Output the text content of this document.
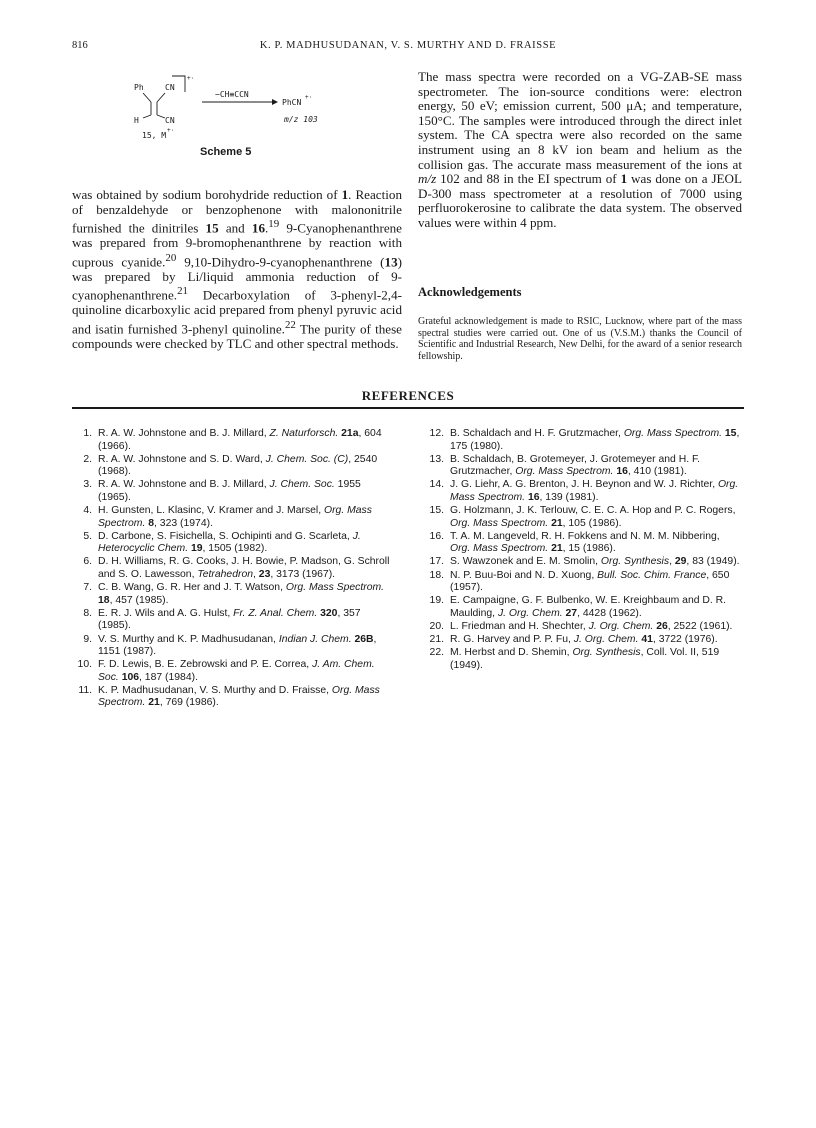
816	K. P. MADHUSUDANAN, V. S. MURTHY AND D. FRAISSE
Ph	CN
H	CN
15, M
+·
+·
−CH≡CCN
PhCN
+·
m/z 103
Scheme 5

was obtained by sodium borohydride reduction of 1. Reaction of benzaldehyde or benzophenone with malononitrile furnished the dinitriles 15 and 16.19 9-Cyanophenanthrene was prepared from 9-bromophenanthrene by reaction with cuprous cyanide.$^{20}$ 9,10-Dihydro-9-cyanophenanthrene (13) was prepared by Li/liquid ammonia reduction of 9-cyanophenanthrene.$^{21}$ Decarboxylation of 3-phenyl-2,4-quinoline dicarboxylic acid prepared from phenyl pyruvic acid and isatin furnished 3-phenyl quinoline.$^{22}$ The purity of these compounds were checked by TLC and other spectral methods.

The mass spectra were recorded on a VG-ZAB-SE mass spectrometer. The ion-source conditions were: electron energy, 50 eV; emission current, 500 μA; and temperature, 150°C. The samples were introduced through the direct inlet system. The CA spectra were also recorded on the same instrument using an 8 kV ion beam and helium as the collision gas. The accurate mass measurement of the ions at m/z 102 and 88 in the EI spectrum of 1 was done on a JEOL D-300 mass spectrometer at a resolution of 7000 using perfluorokerosine to calibrate the data system. The observed values were within 4 ppm.

Acknowledgements
Grateful acknowledgement is made to RSIC, Lucknow, where part of the mass spectral studies were carried out. One of us (V.S.M.) thanks the Council of Scientific and Industrial Research, New Delhi, for the award of a senior research fellowship.
REFERENCES
1. R. A. W. Johnstone and B. J. Millard, Z. Naturforsch. 21a, 604 (1966).
2. R. A. W. Johnstone and S. D. Ward, J. Chem. Soc. (C), 2540 (1968).
3. R. A. W. Johnstone and B. J. Millard, J. Chem. Soc. 1955 (1965).
4. H. Gunsten, L. Klasinc, V. Kramer and J. Marsel, Org. Mass Spectrom. 8, 323 (1974).
5. D. Carbone, S. Fisichella, S. Ochipinti and G. Scarleta, J. Heterocyclic Chem. 19, 1505 (1982).
6. D. H. Williams, R. G. Cooks, J. H. Bowie, P. Madson, G. Schroll and S. O. Lawesson, Tetrahedron, 23, 3173 (1967).
7. C. B. Wang, G. R. Her and J. T. Watson, Org. Mass Spectrom. 18, 457 (1985).
8. E. R. J. Wils and A. G. Hulst, Fr. Z. Anal. Chem. 320, 357 (1985).
9. V. S. Murthy and K. P. Madhusudanan, Indian J. Chem. 26B, 1151 (1987).
10. F. D. Lewis, B. E. Zebrowski and P. E. Correa, J. Am. Chem. Soc. 106, 187 (1984).
11. K. P. Madhusudanan, V. S. Murthy and D. Fraisse, Org. Mass Spectrom. 21, 769 (1986).
12. B. Schaldach and H. F. Grutzmacher, Org. Mass Spectrom. 15, 175 (1980).
13. B. Schaldach, B. Grotemeyer, J. Grotemeyer and H. F. Grutzmacher, Org. Mass Spectrom. 16, 410 (1981).
14. J. G. Liehr, A. G. Brenton, J. H. Beynon and W. J. Richter, Org. Mass Spectrom. 16, 139 (1981).
15. G. Holzmann, J. K. Terlouw, C. E. C. A. Hop and P. C. Rogers, Org. Mass Spectrom. 21, 105 (1986).
16. T. A. M. Langeveld, R. H. Fokkens and N. M. M. Nibbering, Org. Mass Spectrom. 21, 15 (1986).
17. S. Wawzonek and E. M. Smolin, Org. Synthesis, 29, 83 (1949).
18. N. P. Buu-Boi and N. D. Xuong, Bull. Soc. Chim. France, 650 (1957).
19. E. Campaigne, G. F. Bulbenko, W. E. Kreighbaum and D. R. Maulding, J. Org. Chem. 27, 4428 (1962).
20. L. Friedman and H. Shechter, J. Org. Chem. 26, 2522 (1961).
21. R. G. Harvey and P. P. Fu, J. Org. Chem. 41, 3722 (1976).
22. M. Herbst and D. Shemin, Org. Synthesis, Coll. Vol. II, 519 (1949).
